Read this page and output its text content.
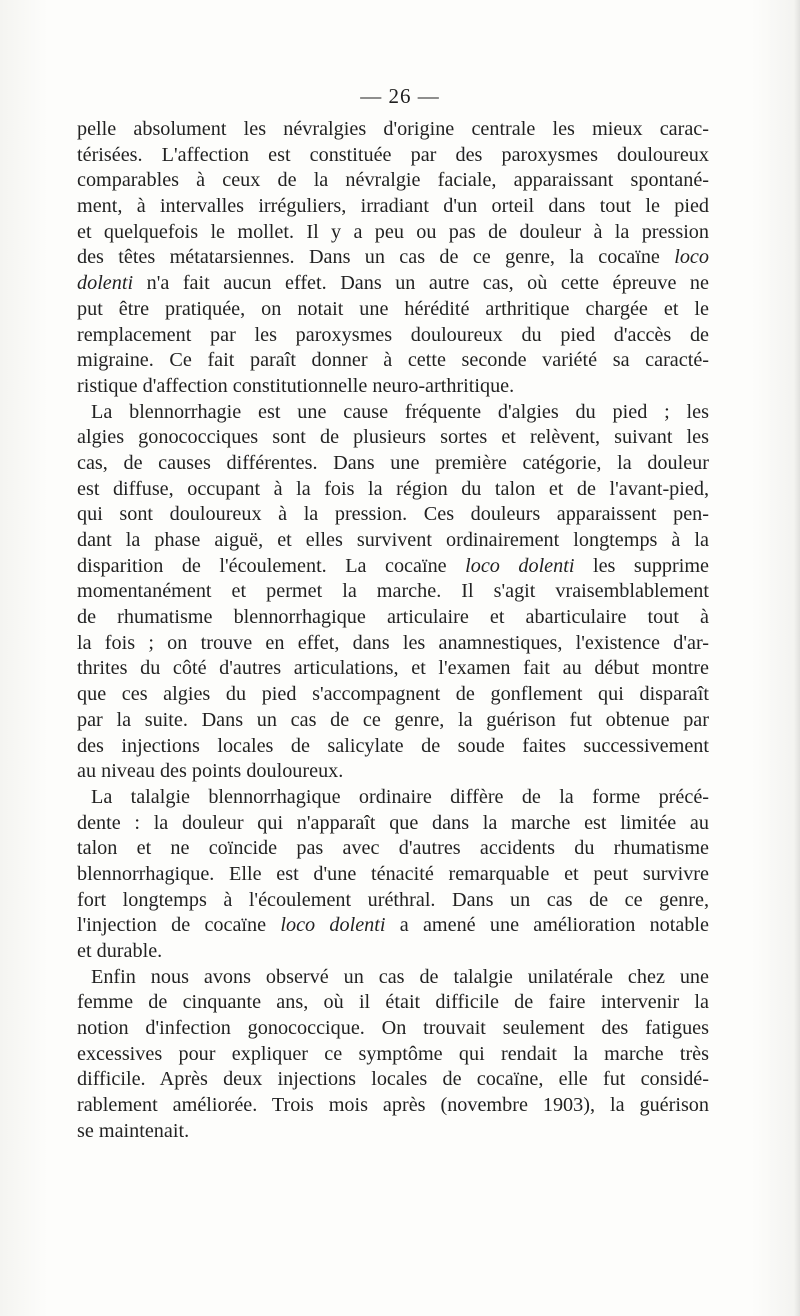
— 26 —
pelle absolument les névralgies d'origine centrale les mieux carac-
térisées. L'affection est constituée par des paroxysmes douloureux
comparables à ceux de la névralgie faciale, apparaissant spontané-
ment, à intervalles irréguliers, irradiant d'un orteil dans tout le pied
et quelquefois le mollet. Il y a peu ou pas de douleur à la pression
des têtes métatarsiennes. Dans un cas de ce genre, la cocaïne loco
dolenti n'a fait aucun effet. Dans un autre cas, où cette épreuve ne
put être pratiquée, on notait une hérédité arthritique chargée et le
remplacement par les paroxysmes douloureux du pied d'accès de
migraine. Ce fait paraît donner à cette seconde variété sa caracté-
ristique d'affection constitutionnelle neuro-arthritique.
La blennorrhagie est une cause fréquente d'algies du pied ; les
algies gonococciques sont de plusieurs sortes et relèvent, suivant les
cas, de causes différentes. Dans une première catégorie, la douleur
est diffuse, occupant à la fois la région du talon et de l'avant-pied,
qui sont douloureux à la pression. Ces douleurs apparaissent pen-
dant la phase aiguë, et elles survivent ordinairement longtemps à la
disparition de l'écoulement. La cocaïne loco dolenti les supprime
momentanément et permet la marche. Il s'agit vraisemblablement
de rhumatisme blennorrhagique articulaire et abarticulaire tout à
la fois ; on trouve en effet, dans les anamnestiques, l'existence d'ar-
thrites du côté d'autres articulations, et l'examen fait au début montre
que ces algies du pied s'accompagnent de gonflement qui disparaît
par la suite. Dans un cas de ce genre, la guérison fut obtenue par
des injections locales de salicylate de soude faites successivement
au niveau des points douloureux.
La talalgie blennorrhagique ordinaire diffère de la forme précé-
dente : la douleur qui n'apparaît que dans la marche est limitée au
talon et ne coïncide pas avec d'autres accidents du rhumatisme
blennorrhagique. Elle est d'une ténacité remarquable et peut survivre
fort longtemps à l'écoulement uréthral. Dans un cas de ce genre,
l'injection de cocaïne loco dolenti a amené une amélioration notable
et durable.
Enfin nous avons observé un cas de talalgie unilatérale chez une
femme de cinquante ans, où il était difficile de faire intervenir la
notion d'infection gonococcique. On trouvait seulement des fatigues
excessives pour expliquer ce symptôme qui rendait la marche très
difficile. Après deux injections locales de cocaïne, elle fut considé-
rablement améliorée. Trois mois après (novembre 1903), la guérison
se maintenait.
